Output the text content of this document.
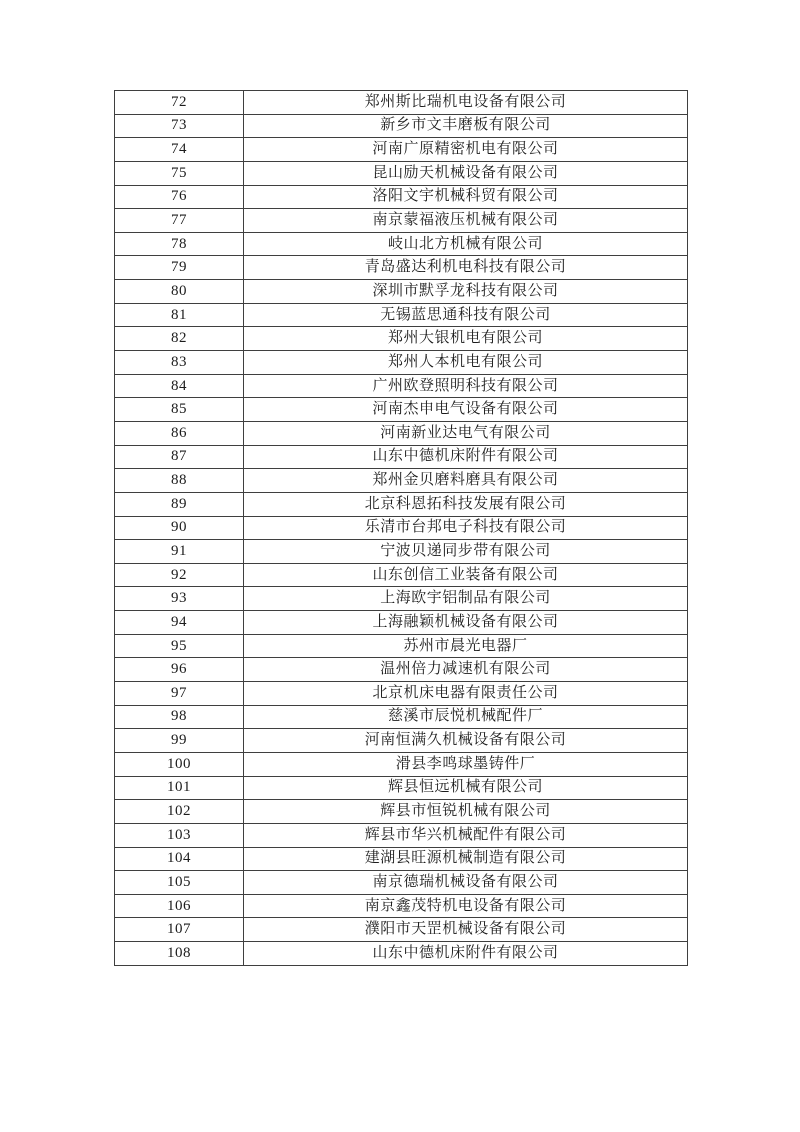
72	郑州斯比瑞机电设备有限公司
73	新乡市文丰磨板有限公司
74	河南广原精密机电有限公司
75	昆山励天机械设备有限公司
76	洛阳文宇机械科贸有限公司
77	南京蒙福液压机械有限公司
78	岐山北方机械有限公司
79	青岛盛达利机电科技有限公司
80	深圳市默孚龙科技有限公司
81	无锡蓝思通科技有限公司
82	郑州大银机电有限公司
83	郑州人本机电有限公司
84	广州欧登照明科技有限公司
85	河南杰申电气设备有限公司
86	河南新业达电气有限公司
87	山东中德机床附件有限公司
88	郑州金贝磨料磨具有限公司
89	北京科恩拓科技发展有限公司
90	乐清市台邦电子科技有限公司
91	宁波贝递同步带有限公司
92	山东创信工业装备有限公司
93	上海欧宇铝制品有限公司
94	上海融颖机械设备有限公司
95	苏州市晨光电器厂
96	温州倍力减速机有限公司
97	北京机床电器有限责任公司
98	慈溪市辰悦机械配件厂
99	河南恒满久机械设备有限公司
100	滑县李鸣球墨铸件厂
101	辉县恒远机械有限公司
102	辉县市恒锐机械有限公司
103	辉县市华兴机械配件有限公司
104	建湖县旺源机械制造有限公司
105	南京德瑞机械设备有限公司
106	南京鑫茂特机电设备有限公司
107	濮阳市天罡机械设备有限公司
108	山东中德机床附件有限公司
